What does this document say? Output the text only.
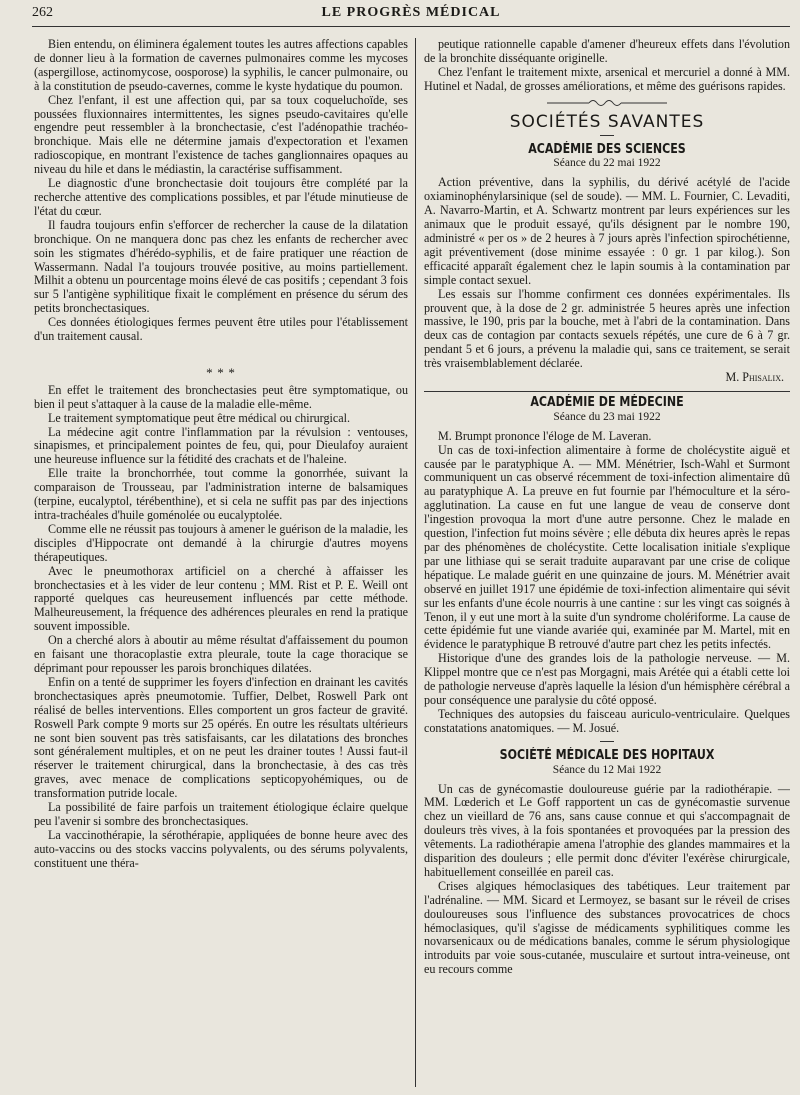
262	LE PROGRÈS MÉDICAL

Bien entendu, on éliminera également toutes les autres affections capables de donner lieu à la formation de cavernes pulmonaires comme les mycoses (aspergillose, actinomycose, oosporose) la syphilis, le cancer pulmonaire, ou à la constitution de pseudo-cavernes, comme le kyste hydatique du poumon.

Chez l'enfant, il est une affection qui, par sa toux coqueluchoïde, ses poussées fluxionnaires intermittentes, les signes pseudo-cavitaires qu'elle engendre peut ressembler à la bronchectasie, c'est l'adénopathie trachéo-bronchique. Mais elle ne détermine jamais d'expectoration et l'examen radioscopique, en montrant l'existence de taches ganglionnaires opaques au niveau du hile et dans le médiastin, la caractérise suffisamment.

Le diagnostic d'une bronchectasie doit toujours être complété par la recherche attentive des complications possibles, et par l'étude minutieuse de l'état du cœur.

Il faudra toujours enfin s'efforcer de rechercher la cause de la dilatation bronchique. On ne manquera donc pas chez les enfants de rechercher avec soin les stigmates d'hérédo-syphilis, et de faire pratiquer une réaction de Wassermann. Nadal l'a toujours trouvée positive, au moins partiellement. Milhit a obtenu un pourcentage moins élevé de cas positifs ; cependant 3 fois sur 5 l'antigène syphilitique fixait le complément en présence du sérum des petits bronchectasiques.

Ces données étiologiques fermes peuvent être utiles pour l'établissement d'un traitement causal.

* * *

En effet le traitement des bronchectasies peut être symptomatique, ou bien il peut s'attaquer à la cause de la maladie elle-même.

Le traitement symptomatique peut être médical ou chirurgical.

La médecine agit contre l'inflammation par la révulsion : ventouses, sinapismes, et principalement pointes de feu, qui, pour Dieulafoy auraient une heureuse influence sur la fétidité des crachats et de l'haleine.

Elle traite la bronchorrhée, tout comme la gonorrhée, suivant la comparaison de Trousseau, par l'administration interne de balsamiques (terpine, eucalyptol, térébenthine), et si cela ne suffit pas par des injections intra-trachéales d'huile goménolée ou eucalyptolée.

Comme elle ne réussit pas toujours à amener le guérison de la maladie, les disciples d'Hippocrate ont demandé à la chirurgie d'autres moyens thérapeutiques.

Avec le pneumothorax artificiel on a cherché à affaisser les bronchectasies et à les vider de leur contenu ; MM. Rist et P. E. Weill ont rapporté quelques cas heureusement influencés par cette méthode. Malheureusement, la fréquence des adhérences pleurales en rend la pratique souvent impossible.

On a cherché alors à aboutir au même résultat d'affaissement du poumon en faisant une thoracoplastie extra pleurale, toute la cage thoracique se déprimant pour repousser les parois bronchiques dilatées.

Enfin on a tenté de supprimer les foyers d'infection en drainant les cavités bronchectasiques après pneumotomie. Tuffier, Delbet, Roswell Park ont réalisé de belles interventions. Elles comportent un gros facteur de gravité. Roswell Park compte 9 morts sur 25 opérés. En outre les résultats ultérieurs ne sont bien souvent pas très satisfaisants, car les dilatations des bronches sont généralement multiples, et on ne peut les drainer toutes ! Aussi faut-il réserver le traitement chirurgical, dans la bronchectasie, à des cas très graves, avec menace de complications septicopyohémiques, ou de transformation putride locale.

La possibilité de faire parfois un traitement étiologique éclaire quelque peu l'avenir si sombre des bronchectasiques.

La vaccinothérapie, la sérothérapie, appliquées de bonne heure avec des auto-vaccins ou des stocks vaccins polyvalents, ou des sérums polyvalents, constituent une théra-

peutique rationnelle capable d'amener d'heureux effets dans l'évolution de la bronchite disséquante originelle.

Chez l'enfant le traitement mixte, arsenical et mercuriel a donné à MM. Hutinel et Nadal, de grosses améliorations, et même des guérisons rapides.

SOCIÉTÉS SAVANTES
ACADÉMIE DES SCIENCES
Séance du 22 mai 1922

Action préventive, dans la syphilis, du dérivé acétylé de l'acide oxiaminophénylarsinique (sel de soude). — MM. L. Fournier, C. Levaditi, A. Navarro-Martin, et A. Schwartz montrent par leurs expériences sur les animaux que le produit essayé, qu'ils désignent par le nombre 190, administré « per os » de 2 heures à 7 jours après l'infection spirochétienne, agit préventivement (dose minime essayée : 0 gr. 1 par kilog.). Son efficacité apparaît également chez le lapin soumis à la contamination par simple contact sexuel.

Les essais sur l'homme confirment ces données expérimentales. Ils prouvent que, à la dose de 2 gr. administrée 5 heures après une infection massive, le 190, pris par la bouche, met à l'abri de la contamination. Dans deux cas de contagion par contacts sexuels répétés, une cure de 6 à 7 gr. pendant 5 et 6 jours, a prévenu la maladie qui, sans ce traitement, se serait très vraisemblablement déclarée.

M. Phisalix.
ACADÉMIE DE MÉDECINE
Séance du 23 mai 1922

M. Brumpt prononce l'éloge de M. Laveran.

Un cas de toxi-infection alimentaire à forme de cholécystite aiguë et causée par le paratyphique A. — MM. Ménétrier, Isch-Wahl et Surmont communiquent un cas observé récemment de toxi-infection alimentaire dû au paratyphique A. La preuve en fut fournie par l'hémoculture et la séro-agglutination. La cause en fut une langue de veau de conserve dont l'ingestion provoqua la mort d'une autre personne. Chez le malade en question, l'infection fut moins sévère ; elle débuta dix heures après le repas par des phénomènes de cholécystite. Cette localisation initiale s'explique par une lithiase qui se serait traduite auparavant par une crise de colique hépatique. Le malade guérit en une quinzaine de jours. M. Ménétrier avait observé en juillet 1917 une épidémie de toxi-infection alimentaire qui sévit sur les enfants d'une école nourris à une cantine : sur les vingt cas soignés à Tenon, il y eut une mort à la suite d'un syndrome cholériforme. La cause de cette épidémie fut une viande avariée qui, examinée par M. Martel, mit en évidence le paratyphique B retrouvé d'autre part chez les petits infectés.

Historique d'une des grandes lois de la pathologie nerveuse. — M. Klippel montre que ce n'est pas Morgagni, mais Arétée qui a établi cette loi de pathologie nerveuse d'après laquelle la lésion d'un hémisphère cérébral a pour conséquence une paralysie du côté opposé.

Techniques des autopsies du faisceau auriculo-ventriculaire. Quelques constatations anatomiques. — M. Josué.

SOCIÉTÉ MÉDICALE DES HOPITAUX
Séance du 12 Mai 1922

Un cas de gynécomastie douloureuse guérie par la radiothérapie. — MM. Lœderich et Le Goff rapportent un cas de gynécomastie survenue chez un vieillard de 76 ans, sans cause connue et qui s'accompagnait de douleurs très vives, à la fois spontanées et provoquées par la pression des vêtements. La radiothérapie amena l'atrophie des glandes mammaires et la disparition des douleurs ; elle permit donc d'éviter l'exérèse chirurgicale, habituellement conseillée en pareil cas.

Crises algiques hémoclasiques des tabétiques. Leur traitement par l'adrénaline. — MM. Sicard et Lermoyez, se basant sur le réveil de crises douloureuses sous l'influence des substances provocatrices de chocs hémoclasiques, qu'il s'agisse de médicaments syphilitiques comme les novarsenicaux ou de médications banales, comme le sérum physiologique introduits par voie sous-cutanée, musculaire et surtout intra-veineuse, ont eu recours comme
